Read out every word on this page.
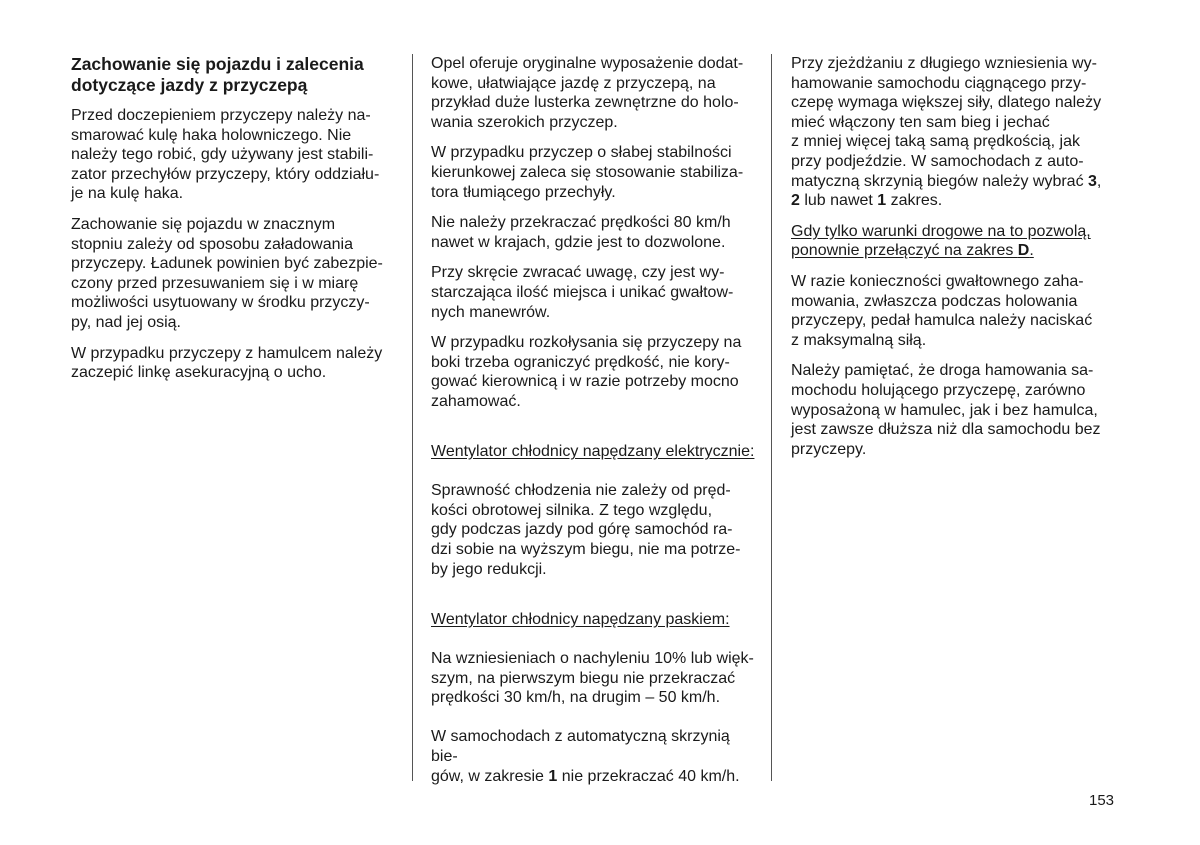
Zachowanie się pojazdu i zalecenia
dotyczące jazdy z przyczepą

Przed doczepieniem przyczepy należy na-
smarować kulę haka holowniczego. Nie
należy tego robić, gdy używany jest stabili-
zator przechyłów przyczepy, który oddziału-
je na kulę haka.

Zachowanie się pojazdu w znacznym
stopniu zależy od sposobu załadowania
przyczepy. Ładunek powinien być zabezpie-
czony przed przesuwaniem się i w miarę
możliwości usytuowany w środku przyczy-
py, nad jej osią.

W przypadku przyczepy z hamulcem należy
zaczepić linkę asekuracyjną o ucho.

Opel oferuje oryginalne wyposażenie dodat-
kowe, ułatwiające jazdę z przyczepą, na
przykład duże lusterka zewnętrzne do holo-
wania szerokich przyczep.

W przypadku przyczep o słabej stabilności
kierunkowej zaleca się stosowanie stabiliza-
tora tłumiącego przechyły.

Nie należy przekraczać prędkości 80 km/h
nawet w krajach, gdzie jest to dozwolone.

Przy skręcie zwracać uwagę, czy jest wy-
starczająca ilość miejsca i unikać gwałtow-
nych manewrów.

W przypadku rozkołysania się przyczepy na
boki trzeba ograniczyć prędkość, nie kory-
gować kierownicą i w razie potrzeby mocno
zahamować.

Wentylator chłodnicy napędzany elektrycznie:

Sprawność chłodzenia nie zależy od pręd-
kości obrotowej silnika. Z tego względu,
gdy podczas jazdy pod górę samochód ra-
dzi sobie na wyższym biegu, nie ma potrze-
by jego redukcji.

Wentylator chłodnicy napędzany paskiem:

Na wzniesieniach o nachyleniu 10% lub więk-
szym, na pierwszym biegu nie przekraczać
prędkości 30 km/h, na drugim – 50 km/h.

W samochodach z automatyczną skrzynią bie-
gów, w zakresie 1 nie przekraczać 40 km/h.

Przy zjeżdżaniu z długiego wzniesienia wy-
hamowanie samochodu ciągnącego przy-
czepę wymaga większej siły, dlatego należy
mieć włączony ten sam bieg i jechać
z mniej więcej taką samą prędkością, jak
przy podjeździe. W samochodach z auto-
matyczną skrzynią biegów należy wybrać 3,
2 lub nawet 1 zakres.

Gdy tylko warunki drogowe na to pozwolą,
ponownie przełączyć na zakres D.

W razie konieczności gwałtownego zaha-
mowania, zwłaszcza podczas holowania
przyczepy, pedał hamulca należy naciskać
z maksymalną siłą.

Należy pamiętać, że droga hamowania sa-
mochodu holującego przyczepę, zarówno
wyposażoną w hamulec, jak i bez hamulca,
jest zawsze dłuższa niż dla samochodu bez
przyczepy.

153
